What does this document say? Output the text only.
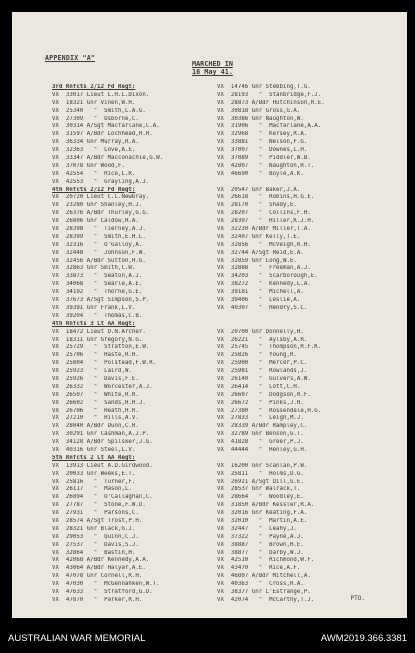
APPENDIX "A"
MARCHED IN
16 May 41.
3rd Rnfcts 2/12 Fd Regt:
VX  33017 Lieut L.H.L.Dixon.
VX  18321 Gnr Vinen,W.H.
VX  25340   "  Smith,L.A.G.
VX  27309   "  Osborne,C.
VX  30314 A/Sgt Macfarlane,C.A.
VX  31597 A/Bdr Lochhead,H.H.
VX  36334 Gnr Murray,R.A.
VX  32363   "  Love,A.E.
VX  33347 A/Bdr Macconachie,G.W.
VX  37078 Gnr Wood,F.
VX  42554   "  Rice,L.R.
VX  42553   "  Grayling,A.J.
4th Rnfcts 2/12 Fd Regt:
VX  20720 Lieut C.L.Newbray.
VX  23280 Gnr Shanley,H.J.
VX  26376 A/Bdr Thurley,G.G.
VX  26806 Gnr Caldow,R.A.
VX  28398   "  Tierney,A.J.
VX  28399   "  Smith,E.H.L.
VX  32316   "  O'Galloy,A.
VX  32448   "  Johnson,F.W.
VX  32456 A/Bdr Sutton,H.G.
VX  32863 Gnr Smith,C.W.
VX  33873   "  Seaton,A.J.
VX  34068   "  Searle,A.E.
VX  34192   "  Thorne,G.E.
VX  37673 A/Sgt Simpson,S.P.
VX  39391 Gnr Frank,L.V.
VX  39204   "  Thomas,C.B.
4th Rnfcts 3 Lt AA Regt:
VX  18472 Lieut D.N.Archer.
VX  18311 Gnr Gregory,N.G.
VX  25729   "  Stratton,E.W.
VX  25706   "  Haste,R.H.
VX  25804   "  Polstead,F.W.R.
VX  25923   "  Laird,W.
VX  25926   "  Davis,F.E.
VX  26332   "  Worcester,A.J.
VX  26507   "  White,R.R.
VX  26602   "  Sands,H.H.J.
VX  26706   "  Heath,H.R.
VX  27210   "  Hills,A.V.
VX  28040 A/Bdr Dunn,C.H.
VX  30291 Gnr Cashman,A.J.P.
VX  34128 A/Bdr Spilsker,J.G.
VX  40316 Gnr Steel,L.V.
5th Rnfcts 2 Lt AA Regt:
VX  13913 Lieut A.D.Girdwood.
VX  20033 Gnr Weeks,E.T.
VX  25816   "  Turner,F.
VX  26117   "  Mason,L.
VX  26894   "  O'Callaghan,C.
VX  27787   "  Stone,F.W.D.
VX  27931   "  Parsons,C.
VX  28574 A/Sgt Trost,P.H.
VX  28321 Gnr Black,G.J.
VX  29053   "  Quinn,C.J.
VX  27537   "  Davis,S.J.
VX  32864   "  Bastin,H.
VX  42068 A/Bdr Kennedy,A.A.
VX  43064 A/Bdr Halyar,A.E.
VX  47078 Gnr Cornell,R.H.
VX  47030   "  McGennahken,W.T.
VX  47633   "  Stratford,G.D.
VX  47870   "  Parker,R.H.
VX  14746 Gnr Stebbing,T.G.
VX  28193   "  Stanbridge,F.J.
VX  28873 A/Bdr Hutchinson,R.E.
VX  30818 Gnr Gross,G.A.
VX  30386 Gnr Naughton,W.
VX  31906   "  Macfarlane,A.A.
VX  32968   "  Kersey,R.A.
VX  33881   "  Nelson,F.G.
VX  37007   "  Downes,L.H.
VX  37089   "  Piddler,W.B.
VX  42807   "  Naughton,R.T.
VX  46690   "  Boyle,A.K.
VX  20547 Gnr Baker,J.A.
VX  26618   "  Robins,H.G.E.
VX  28170   "  Shady,E.
VX  28207   "  Collins,F.H.
VX  28397   "  Hiller,K.J.H.
VX  32230 A/Bdr Miller,T.A.
VX  32407 Gnr Kelly,T.E.
VX  32856   "  McVeigh,R.H.
VX  32744 A/Sgt Reid,E.A.
VX  32859 Gnr Long,W.E.
VX  32888   "  Freeman,A.J.
VX  34203   "  Scarborough,E.
VX  38272   "  Kennedy,L.A.
VX  39181   "  Michell,A.
VX  39406   "  Leslie,A.
VX  40307   "  Hendry,S.C.
VX  20700 Gnr Donnelly,H.
VX  26221   "  Aylsby,A.R.
VX  25745   "  Thompson,R.F.K.
VX  25826   "  Young,R.
VX  25900   "  Mercer,P.C.
VX  25981   "  Rowlands,J.
VX  26140   "  Gulvers,A.W.
VX  26414   "  Lott,C.H.
VX  26607   "  Dodgson,R.F.
VX  26672   "  Pinks,J.H.
VX  27380   "  Rossendale,H.G.
VX  27833   "  Leigh,M.J.
VX  28339 A/Bdr Rampley,C.
VX  32789 Gnr Benson,G.T.
VX  41828   "  Greer,P.J.
VX  44444   "  Henley,G.H.
VX  16200 Gnr Scanlan,P.W.
VX  25811   "  Holms,D.G.
VX  26921 A/Sgt Dill,G.E.
VX  28537 Gnr Walrack,T.
VX  28664   "  Woodley,E.
VX  31850 A/Bdr Kessler,R.A.
VX  32016 Gnr Keating,F.A.
VX  32010   "  Martin,A.E.
VX  32447   "  Leahy,J.
VX  37322   "  Payne,A.J.
VX  38887   "  Brown,H.E.
VX  38877   "  Darby,W.J.
VX  42510   "  Richmond,W.F.
VX  43470   "  Rice,A.F.
VX  46807 A/Bdr Mitchell,A.
VX  40363   "  Cross,R.A.
VX  38377 Gnr L'Estrange,P.
VX  42074   "  McCarthy,T.J.	PTO.
AUSTRALIAN WAR MEMORIAL	AWM2019.366.3381
